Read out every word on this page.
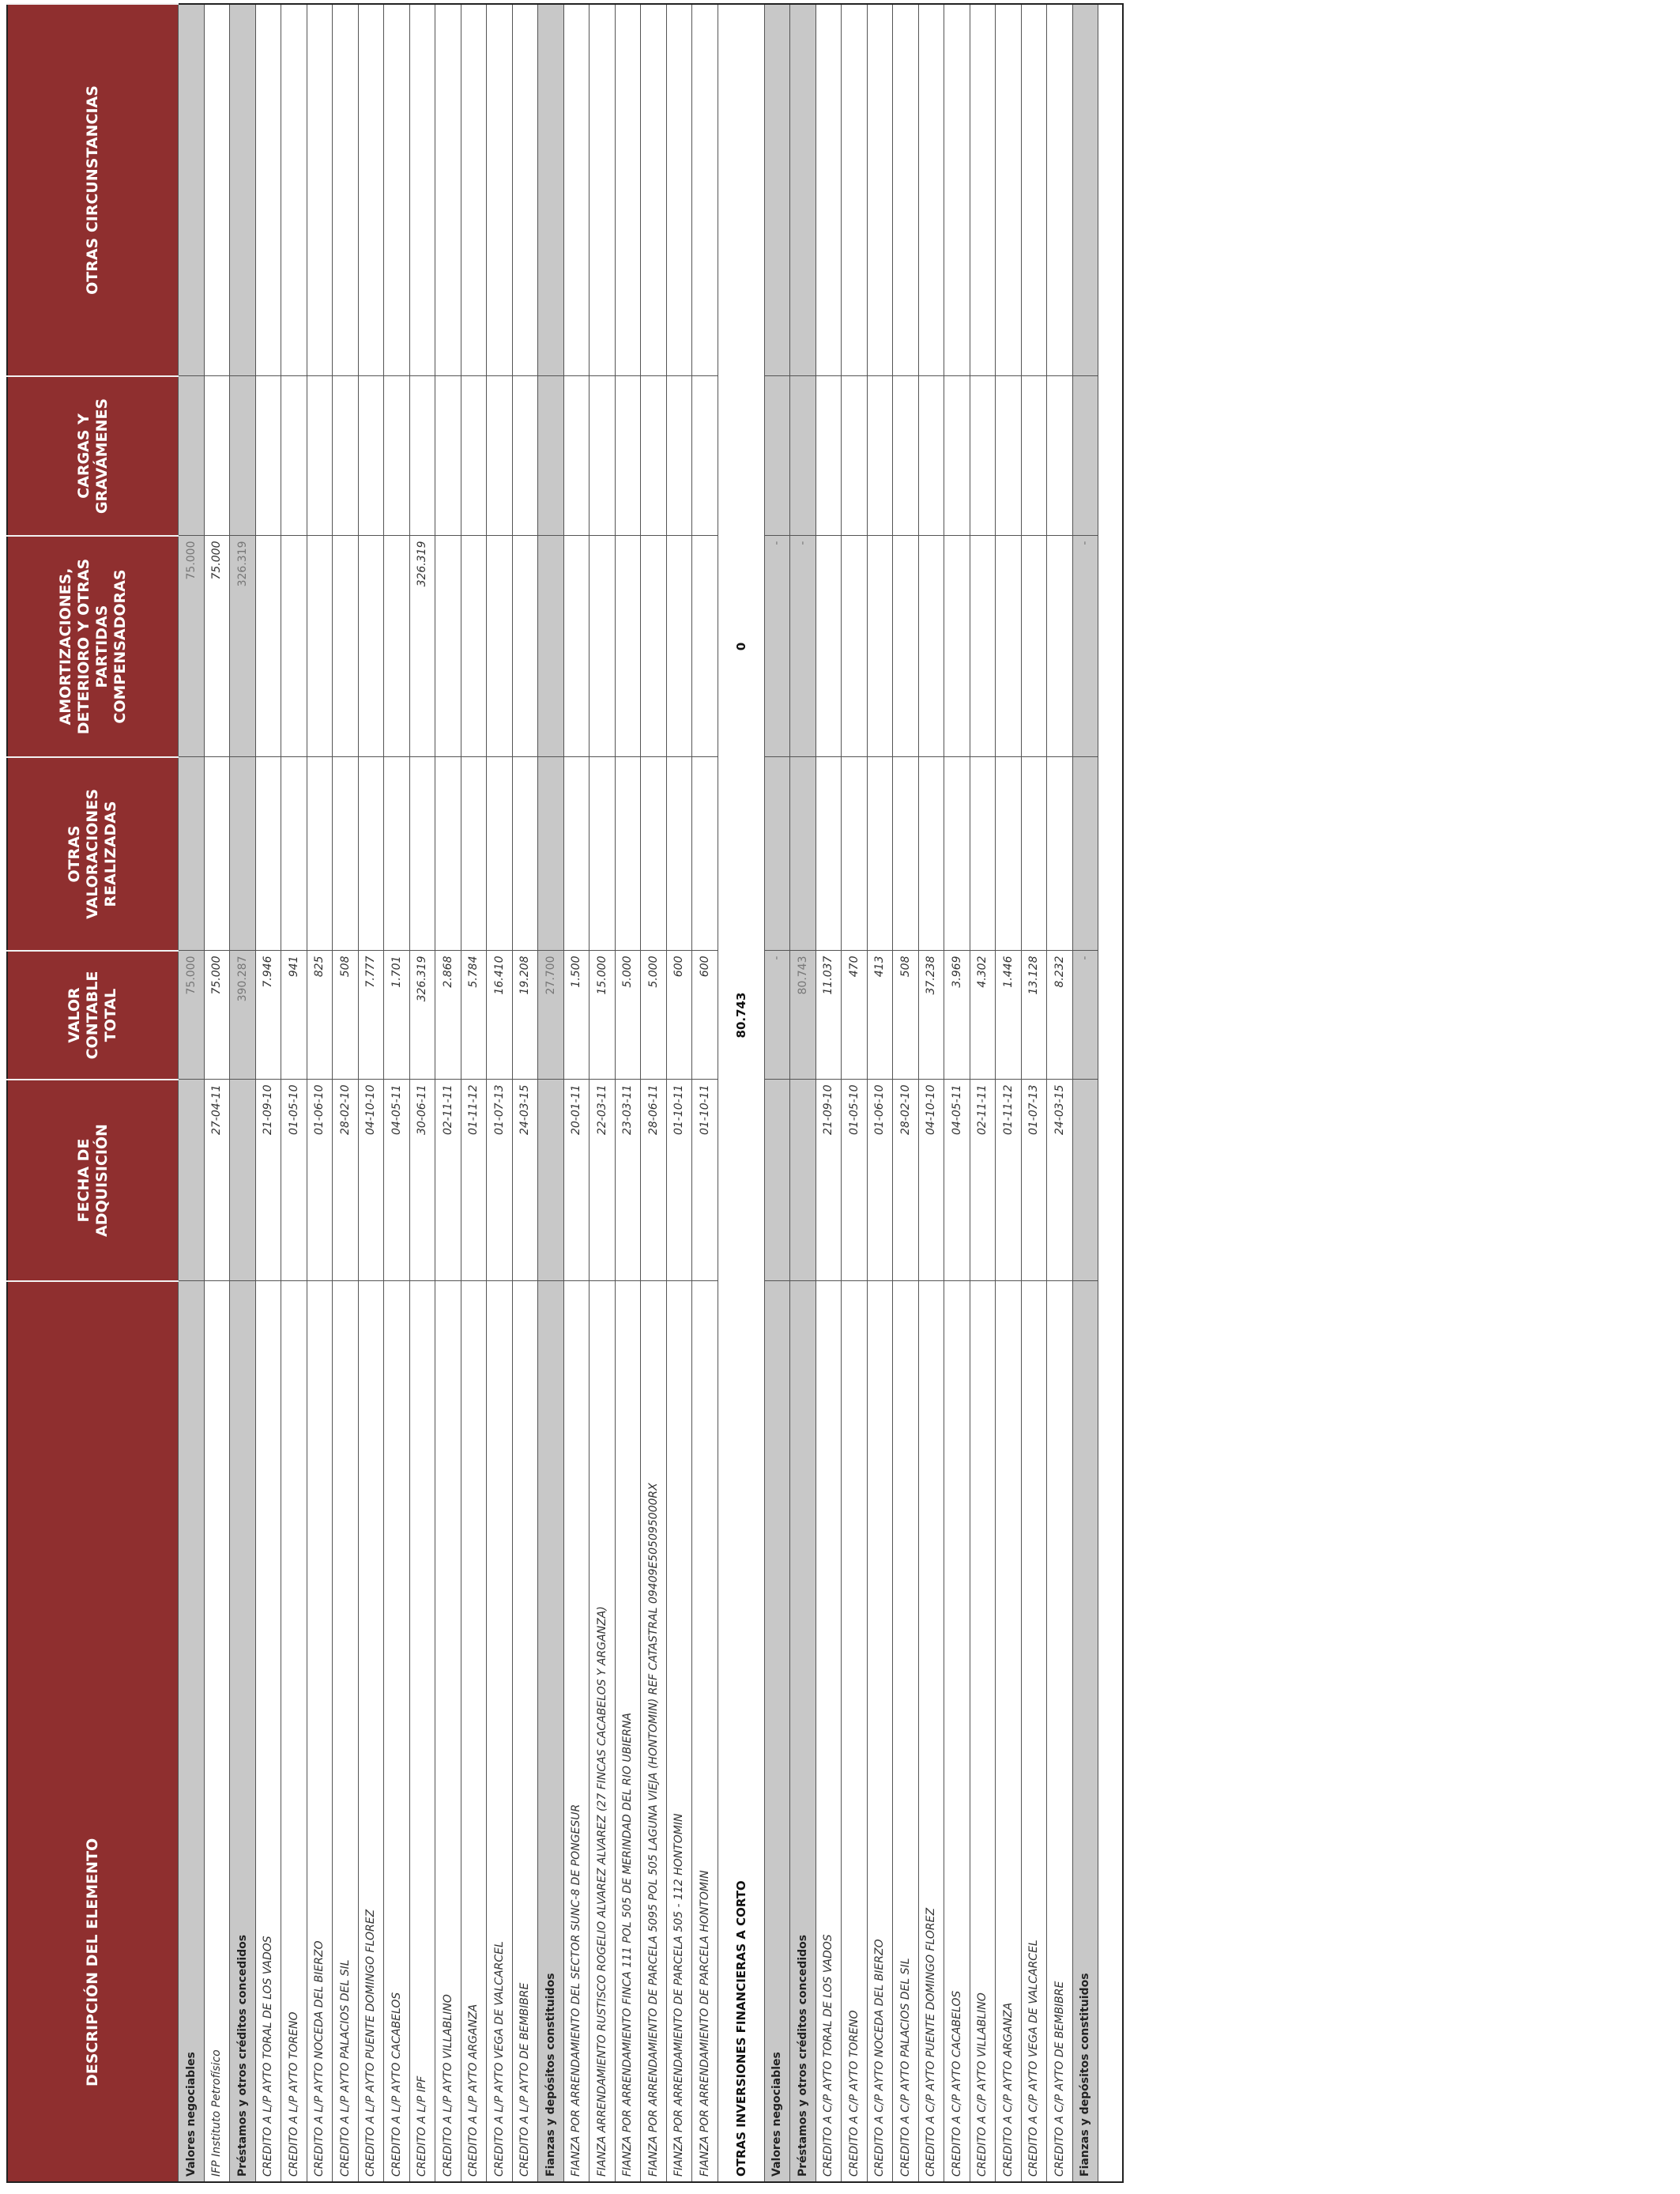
DESCRIPCIÓN DEL ELEMENTO	FECHA DE ADQUISICIÓN	VALOR CONTABLE TOTAL	OTRAS VALORACIONES REALIZADAS	AMORTIZACIONES, DETERIORO Y OTRAS PARTIDAS COMPENSADORAS	CARGAS Y GRAVÁMENES	OTRAS CIRCUNSTANCIAS
Valores negociables		75.000		75.000		
IFP Instituto Petrofísico	27-04-11	75.000		75.000		
Préstamos y otros créditos concedidos		390.287		326.319		
CREDITO A L/P AYTO TORAL DE LOS VADOS	21-09-10	7.946				
CREDITO A L/P AYTO TORENO	01-05-10	941				
CREDITO A L/P AYTO NOCEDA DEL BIERZO	01-06-10	825				
CREDITO A L/P AYTO PALACIOS DEL SIL	28-02-10	508				
CREDITO A L/P AYTO PUENTE DOMINGO FLOREZ	04-10-10	7.777				
CREDITO A L/P AYTO CACABELOS	04-05-11	1.701				
CREDITO A L/P IPF	30-06-11	326.319		326.319		
CREDITO A L/P AYTO VILLABLINO	02-11-11	2.868				
CREDITO A L/P AYTO ARGANZA	01-11-12	5.784				
CREDITO A L/P AYTO VEGA DE VALCARCEL	01-07-13	16.410				
CREDITO A L/P AYTO DE BEMBIBRE	24-03-15	19.208				
Fianzas y depósitos constituidos		27.700				
FIANZA POR ARRENDAMIENTO DEL SECTOR SUNC-8 DE PONGESUR	20-01-11	1.500				
FIANZA ARRENDAMIENTO RUSTISCO ROGELIO ALVAREZ ALVAREZ (27 FINCAS CACABELOS Y ARGANZA)	22-03-11	15.000				
FIANZA POR ARRENDAMIENTO FINCA 111 POL 505 DE MERINDAD DEL RIO UBIERNA	23-03-11	5.000				
FIANZA POR ARRENDAMIENTO DE PARCELA 5095 POL 505 LAGUNA VIEJA (HONTOMIN) REF CATASTRAL 09409E505095000RX	28-06-11	5.000				
FIANZA POR ARRENDAMIENTO DE PARCELA 505 - 112 HONTOMIN	01-10-11	600				
FIANZA POR ARRENDAMIENTO DE PARCELA HONTOMIN	01-10-11	600				
OTRAS INVERSIONES FINANCIERAS A CORTO		80.743		0		
Valores negociables		-		-		
Préstamos y otros créditos concedidos		80.743		-		
CREDITO A C/P AYTO TORAL DE LOS VADOS	21-09-10	11.037				
CREDITO A C/P AYTO TORENO	01-05-10	470				
CREDITO A C/P AYTO NOCEDA DEL BIERZO	01-06-10	413				
CREDITO A C/P AYTO PALACIOS DEL SIL	28-02-10	508				
CREDITO A C/P AYTO PUENTE DOMINGO FLOREZ	04-10-10	37.238				
CREDITO A C/P AYTO CACABELOS	04-05-11	3.969				
CREDITO A C/P AYTO VILLABLINO	02-11-11	4.302				
CREDITO A C/P AYTO ARGANZA	01-11-12	1.446				
CREDITO A C/P AYTO VEGA DE VALCARCEL	01-07-13	13.128				
CREDITO A C/P AYTO DE BEMBIBRE	24-03-15	8.232				
Fianzas y depósitos constituidos		-		-		
